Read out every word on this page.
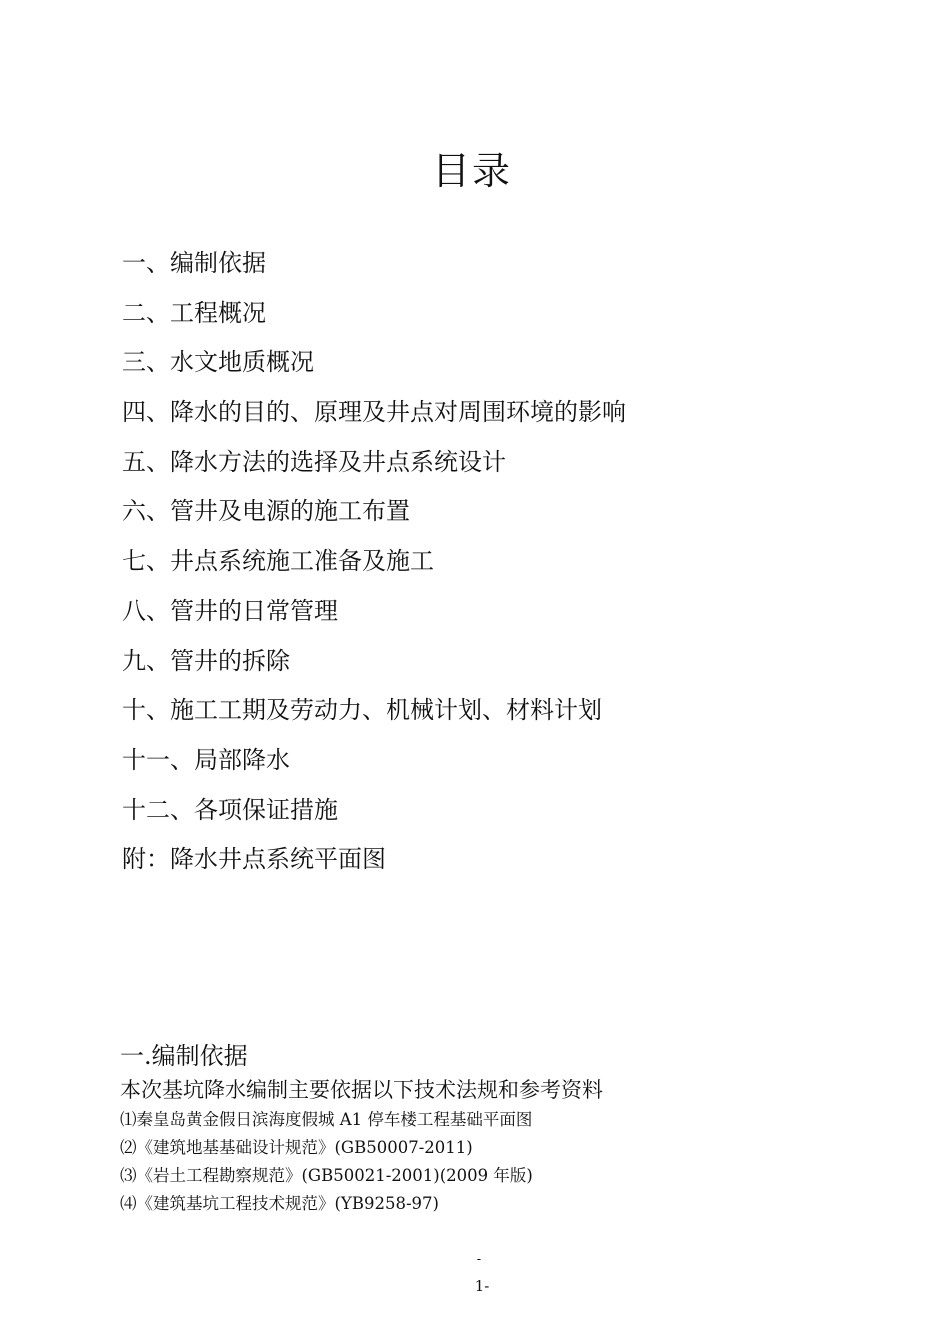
目录
一、编制依据
二、工程概况
三、水文地质概况
四、降水的目的、原理及井点对周围环境的影响
五、降水方法的选择及井点系统设计
六、管井及电源的施工布置
七、井点系统施工准备及施工
八、管井的日常管理
九、管井的拆除
十、施工工期及劳动力、机械计划、材料计划
十一、局部降水
十二、各项保证措施
附：降水井点系统平面图
一.编制依据
本次基坑降水编制主要依据以下技术法规和参考资料
⑴秦皇岛黄金假日滨海度假城 A1 停车楼工程基础平面图
⑵《建筑地基基础设计规范》(GB50007-2011)
⑶《岩土工程勘察规范》(GB50021-2001)(2009 年版)
⑷《建筑基坑工程技术规范》(YB9258-97)
-
1-
